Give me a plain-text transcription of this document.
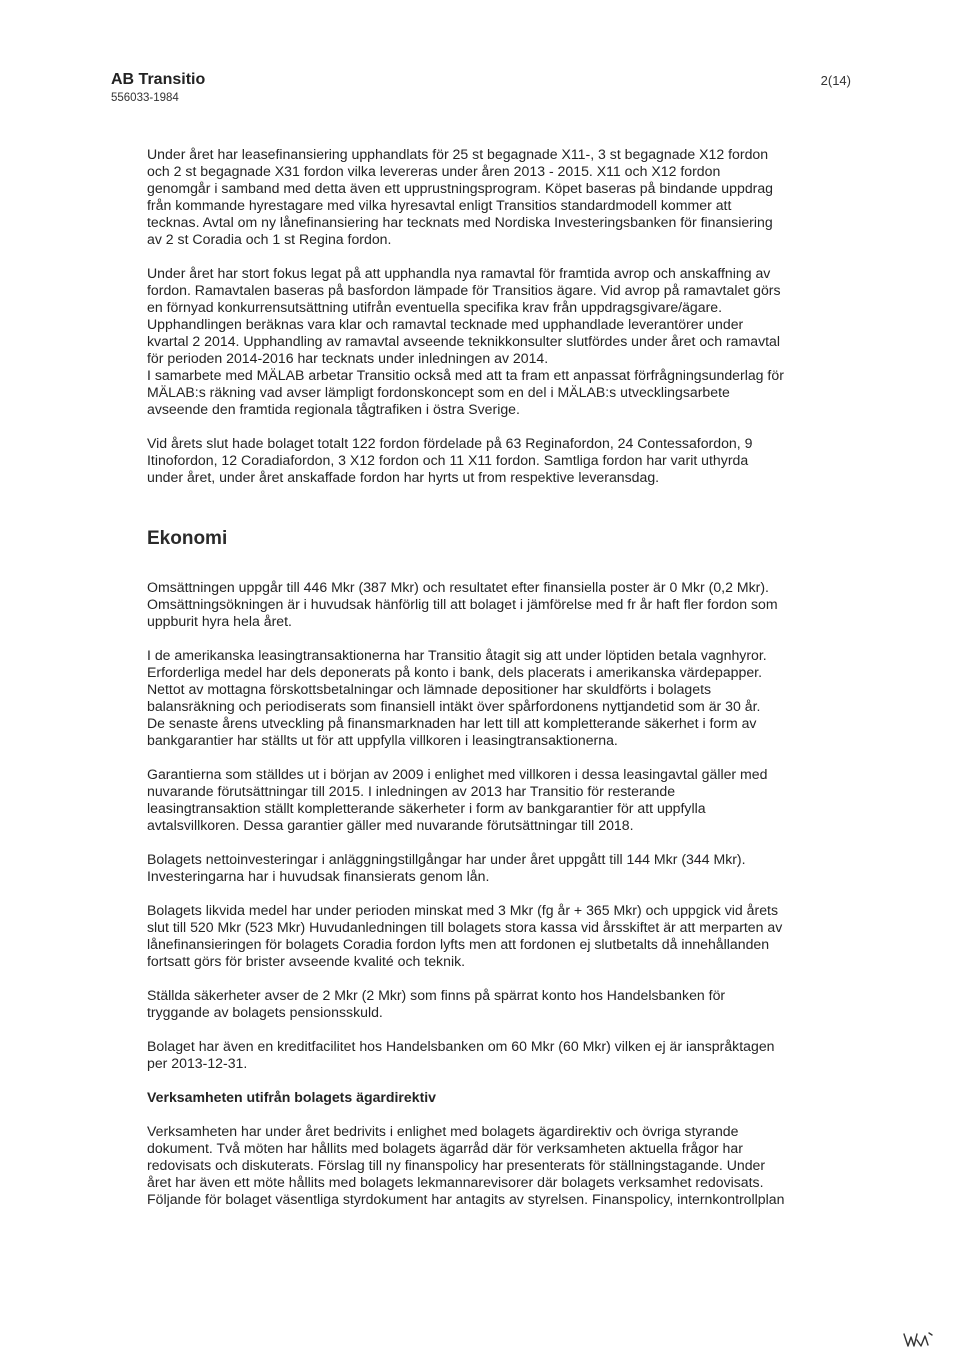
AB Transitio
556033-1984
2(14)

Under året har leasefinansiering upphandlats för 25 st begagnade X11-, 3 st begagnade X12 fordon
och 2 st begagnade X31 fordon vilka levereras under åren 2013 - 2015. X11 och X12 fordon
genomgår i samband med detta även ett upprustningsprogram. Köpet baseras på bindande uppdrag
från kommande hyrestagare med vilka hyresavtal enligt Transitios standardmodell kommer att
tecknas. Avtal om ny lånefinansiering har tecknats med Nordiska Investeringsbanken för finansiering
av 2 st Coradia och 1 st Regina fordon.

Under året har stort fokus legat på att upphandla nya ramavtal för framtida avrop och anskaffning av
fordon. Ramavtalen baseras på basfordon lämpade för Transitios ägare. Vid avrop på ramavtalet görs
en förnyad konkurrensutsättning utifrån eventuella specifika krav från uppdragsgivare/ägare.
Upphandlingen beräknas vara klar och ramavtal tecknade med upphandlade leverantörer under
kvartal 2 2014. Upphandling av ramavtal avseende teknikkonsulter slutfördes under året och ramavtal
för perioden 2014-2016 har tecknats under inledningen av 2014.
I samarbete med MÄLAB arbetar Transitio också med att ta fram ett anpassat förfrågningsunderlag för
MÄLAB:s räkning vad avser lämpligt fordonskoncept som en del i MÄLAB:s utvecklingsarbete
avseende den framtida regionala tågtrafiken i östra Sverige.

Vid årets slut hade bolaget totalt 122 fordon fördelade på 63 Reginafordon, 24 Contessafordon, 9
Itinofordon, 12 Coradiafordon, 3 X12 fordon och 11 X11 fordon. Samtliga fordon har varit uthyrda
under året, under året anskaffade fordon har hyrts ut from respektive leveransdag.

Ekonomi

Omsättningen uppgår till 446 Mkr (387 Mkr) och resultatet efter finansiella poster är 0 Mkr (0,2 Mkr).
Omsättningsökningen är i huvudsak hänförlig till att bolaget i jämförelse med fr år haft fler fordon som
uppburit hyra hela året.

I de amerikanska leasingtransaktionerna har Transitio åtagit sig att under löptiden betala vagnhyror.
Erforderliga medel har dels deponerats på konto i bank, dels placerats i amerikanska värdepapper.
Nettot av mottagna förskottsbetalningar och lämnade depositioner har skuldförts i bolagets
balansräkning och periodiserats som finansiell intäkt över spårfordonens nyttjandetid som är 30 år.
De senaste årens utveckling på finansmarknaden har lett till att kompletterande säkerhet i form av
bankgarantier har ställts ut för att uppfylla villkoren i leasingtransaktionerna.

Garantierna som ställdes ut i början av 2009 i enlighet med villkoren i dessa leasingavtal gäller med
nuvarande förutsättningar till 2015. I inledningen av 2013 har Transitio för resterande
leasingtransaktion ställt kompletterande säkerheter i form av bankgarantier för att uppfylla
avtalsvillkoren. Dessa garantier gäller med nuvarande förutsättningar till 2018.

Bolagets nettoinvesteringar i anläggningstillgångar har under året uppgått till 144 Mkr (344 Mkr).
Investeringarna har i huvudsak finansierats genom lån.

Bolagets likvida medel har under perioden minskat med 3 Mkr (fg år + 365 Mkr) och uppgick vid årets
slut till 520 Mkr (523 Mkr) Huvudanledningen till bolagets stora kassa vid årsskiftet är att merparten av
lånefinansieringen för bolagets Coradia fordon lyfts men att fordonen ej slutbetalts då innehållanden
fortsatt görs för brister avseende kvalité och teknik.

Ställda säkerheter avser de 2 Mkr (2 Mkr) som finns på spärrat konto hos Handelsbanken för
tryggande av bolagets pensionsskuld.

Bolaget har även en kreditfacilitet hos Handelsbanken om 60 Mkr (60 Mkr) vilken ej är ianspråktagen
per 2013-12-31.

Verksamheten utifrån bolagets ägardirektiv

Verksamheten har under året bedrivits i enlighet med bolagets ägardirektiv och övriga styrande
dokument. Två möten har hållits med bolagets ägarråd där för verksamheten aktuella frågor har
redovisats och diskuterats. Förslag till ny finanspolicy har presenterats för ställningstagande. Under
året har även ett möte hållits med bolagets lekmannarevisorer där bolagets verksamhet redovisats.
Följande för bolaget väsentliga styrdokument har antagits av styrelsen. Finanspolicy, internkontrollplan
